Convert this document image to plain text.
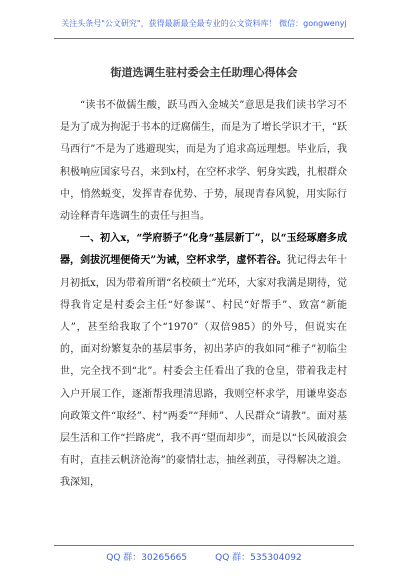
关注头条号"公文研究"，获得最新最全最专业的公文资料库！ 微信：gongwenyj
街道选调生驻村委会主任助理心得体会

“读书不做儒生酸，跃马西入金城关”意思是我们读书学习不是为了成为拘泥于书本的迂腐儒生，而是为了增长学识才干，“跃马西行”不是为了逃避现实，而是为了追求高远理想。毕业后，我积极响应国家号召，来到x村，在空杯求学、躬身实践，扎根群众中，悄然蜕变，发挥青春优势、于势，展现青春风貌，用实际行动诠释青年选调生的责任与担当。

一、初入x，“学府骄子”化身“基层新丁”，以“玉经琢磨多成器，剑拔沉埋便倚天”为诫，空杯求学，虚怀若谷。犹记得去年十月初抵x，因为带着所谓“名校硕士”光环，大家对我满是期待，觉得我肯定是村委会主任“好参谋”、村民“好帮手”、致富“新能人”，甚至给我取了个“1970”（双倍985）的外号，但说实在的，面对纷繁复杂的基层事务，初出茅庐的我如同“稚子”初临尘世，完全找不到“北”。村委会主任看出了我的仓皇，带着我走村入户开展工作，逐渐帮我理清思路，我则空杯求学，用谦卑姿态向政策文件“取经”、村“两委”“拜师”、人民群众“请教”。面对基层生活和工作“拦路虎”，我不再“望而却步”，而是以“长风破浪会有时，直挂云帆济沧海”的豪情壮志，抽丝剥茧，寻得解决之道。我深知，

QQ 群：30265665	QQ 群：535304092
